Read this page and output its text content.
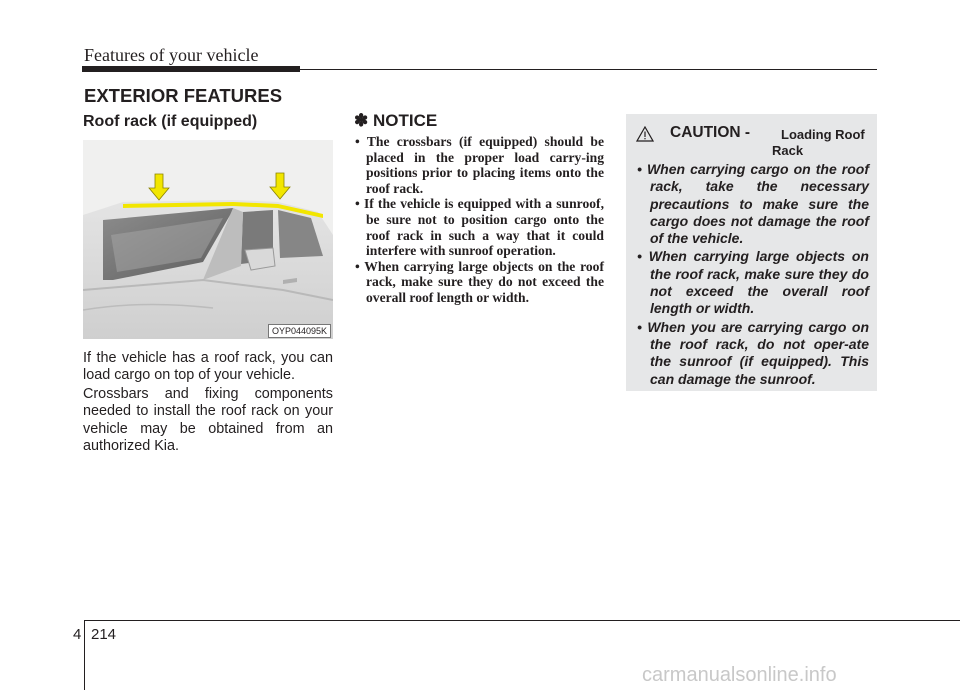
Features of your vehicle
EXTERIOR FEATURES
Roof rack (if equipped)
OYP044095K

If the vehicle has a roof rack, you can load cargo on top of your vehicle.

Crossbars and fixing components needed to install the roof rack on your vehicle may be obtained from an authorized Kia.

✽ NOTICE
• The crossbars (if equipped) should be placed in the proper load carry-ing positions prior to placing items onto the roof rack.
• If the vehicle is equipped with a sunroof, be sure not to position cargo onto the roof rack in such a way that it could interfere with sunroof operation.
• When carrying large objects on the roof rack, make sure they do not exceed the overall roof length or width.
CAUTION - Loading Roof
Rack
• When carrying cargo on the roof rack, take the necessary precautions to make sure the cargo does not damage the roof of the vehicle.
• When carrying large objects on the roof rack, make sure they do not exceed the overall roof length or width.
• When you are carrying cargo on the roof rack, do not oper-ate the sunroof (if equipped). This can damage the sunroof.
4 214
carmanualsonline.info
